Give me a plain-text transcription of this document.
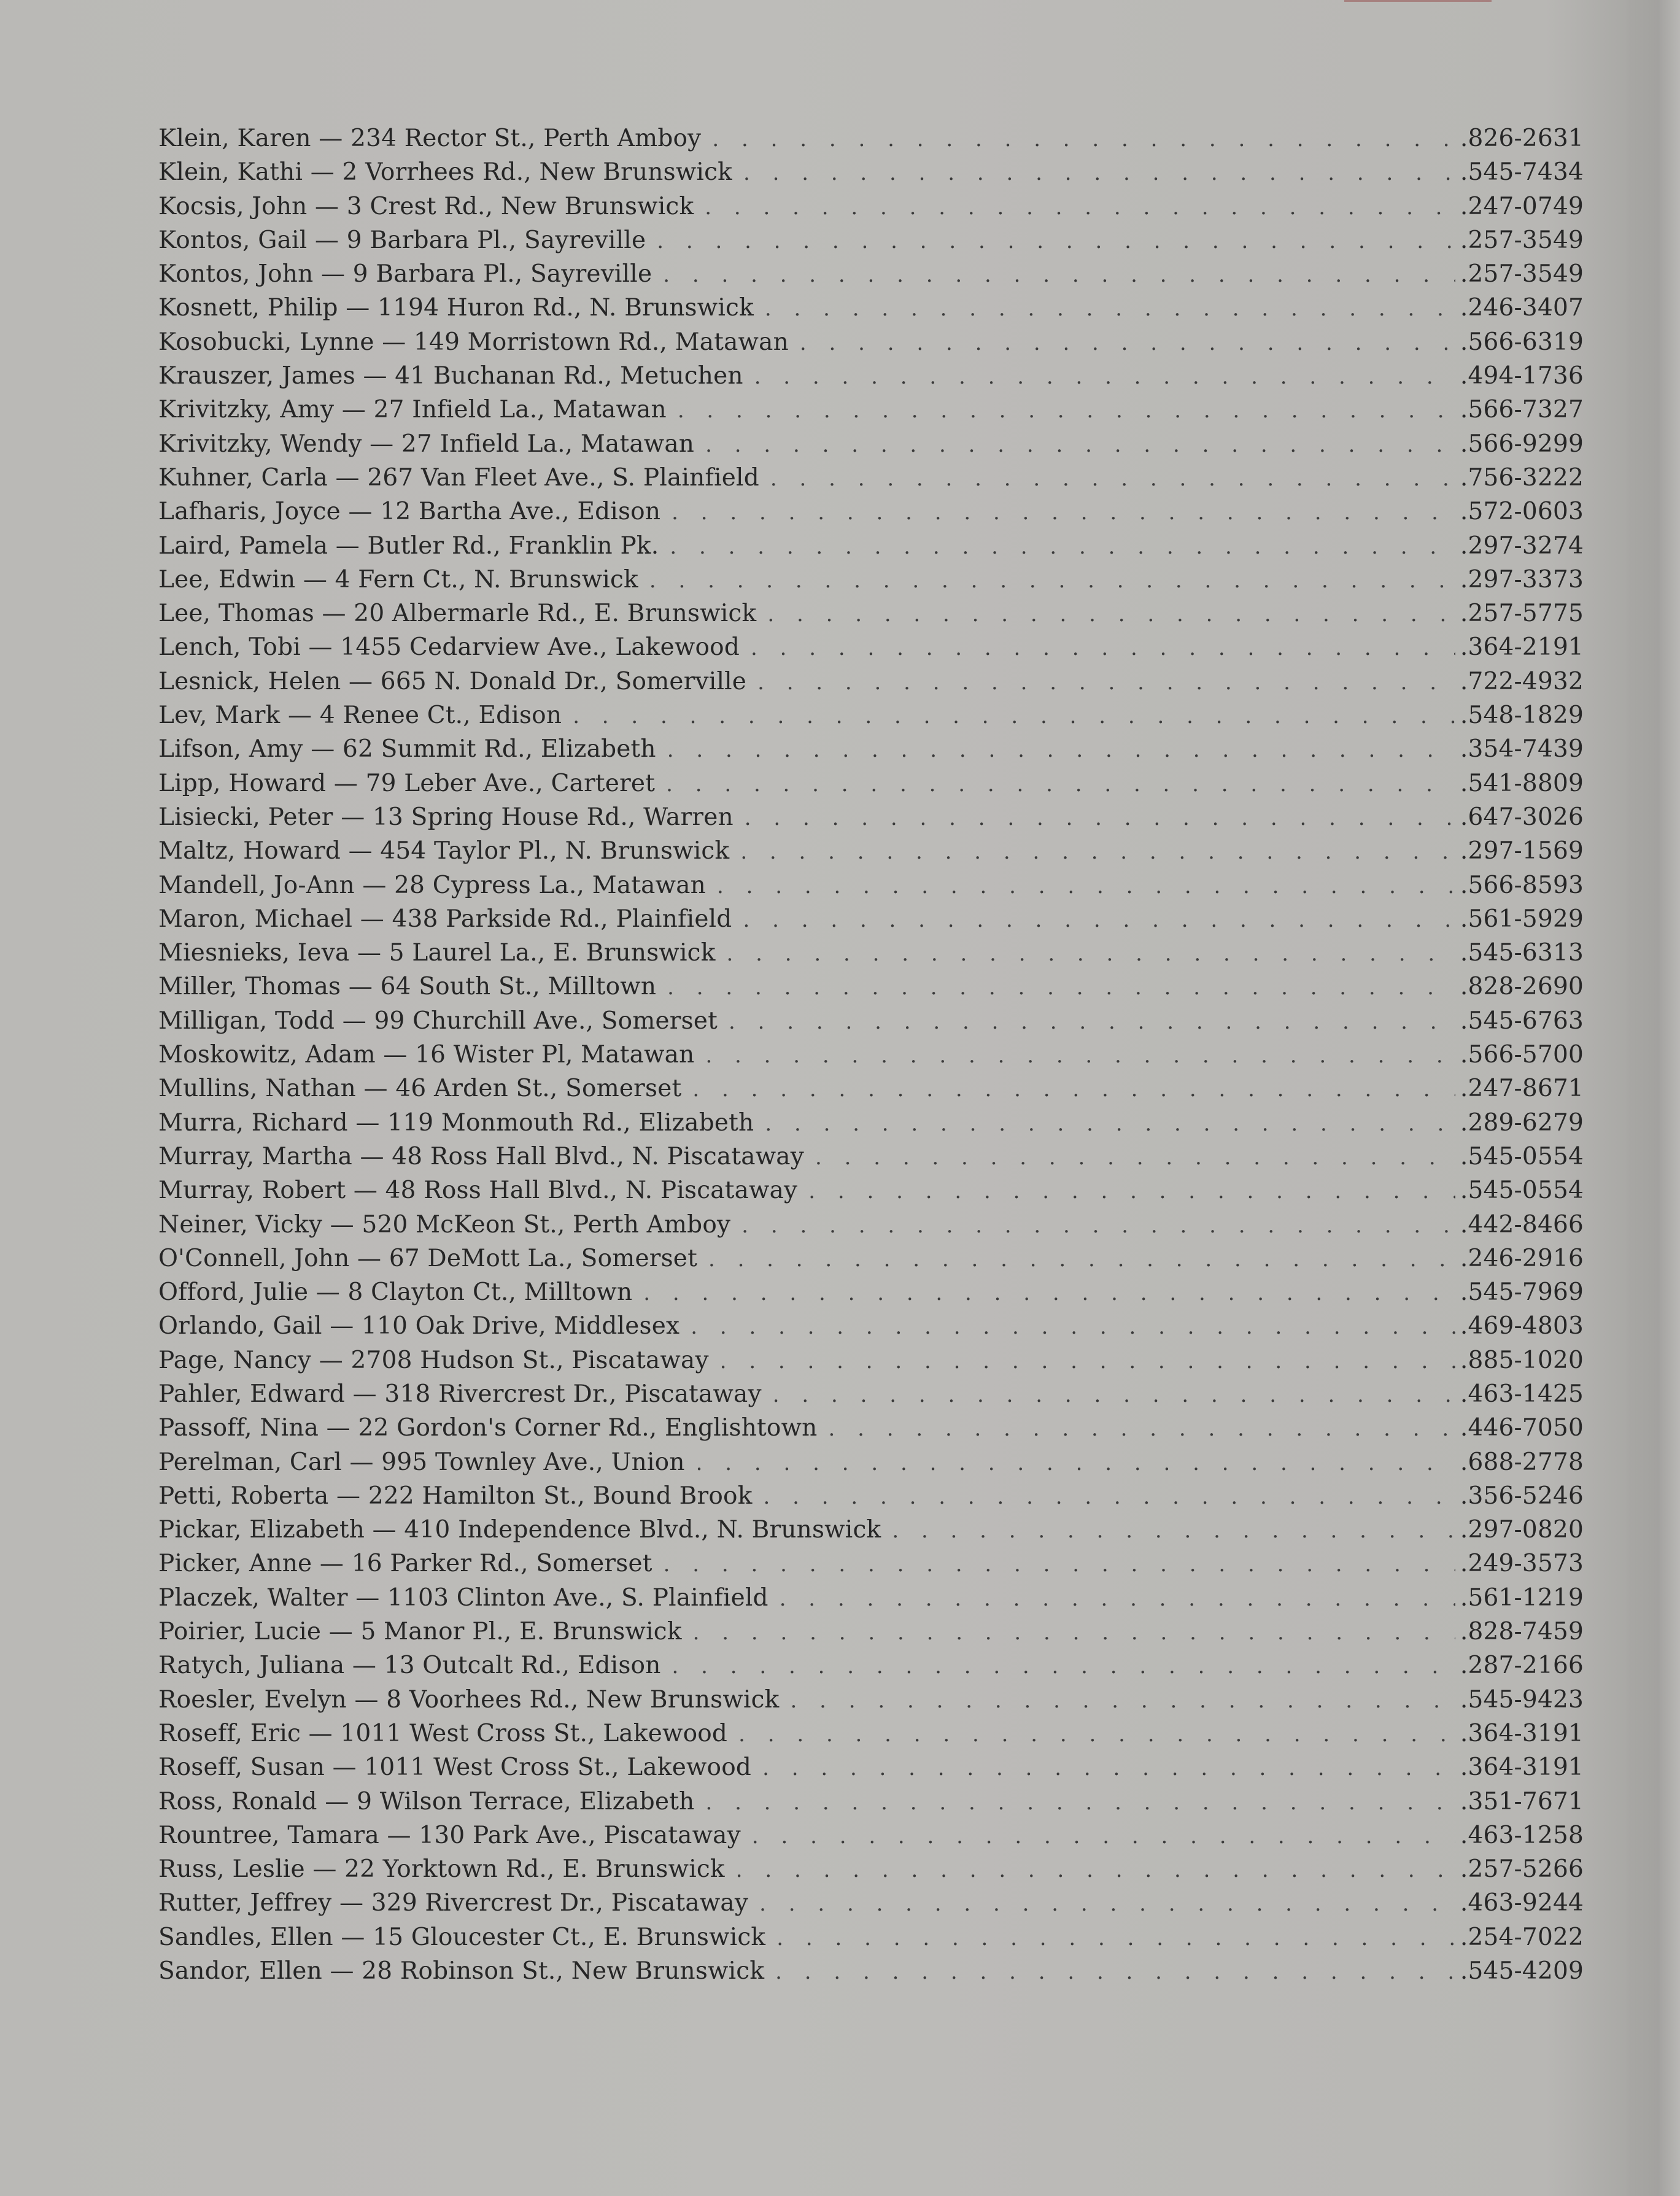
Klein, Karen — 234 Rector St., Perth Amboy . . .	.826-2631
Klein, Kathi — 2 Vorrhees Rd., New Brunswick . . .	.545-7434
Kocsis, John — 3 Crest Rd., New Brunswick . . .	.247-0749
Kontos, Gail — 9 Barbara Pl., Sayreville . . .	.257-3549
Kontos, John — 9 Barbara Pl., Sayreville . . .	.257-3549
Kosnett, Philip — 1194 Huron Rd., N. Brunswick . . .	.246-3407
Kosobucki, Lynne — 149 Morristown Rd., Matawan . . .	.566-6319
Krauszer, James — 41 Buchanan Rd., Metuchen . . .	.494-1736
Krivitzky, Amy — 27 Infield La., Matawan . . .	.566-7327
Krivitzky, Wendy — 27 Infield La., Matawan . . .	.566-9299
Kuhner, Carla — 267 Van Fleet Ave., S. Plainfield . . .	.756-3222
Lafharis, Joyce — 12 Bartha Ave., Edison . . .	.572-0603
Laird, Pamela — Butler Rd., Franklin Pk. . . .	.297-3274
Lee, Edwin — 4 Fern Ct., N. Brunswick . . .	.297-3373
Lee, Thomas — 20 Albermarle Rd., E. Brunswick . . .	.257-5775
Lench, Tobi — 1455 Cedarview Ave., Lakewood . . .	.364-2191
Lesnick, Helen — 665 N. Donald Dr., Somerville . . .	.722-4932
Lev, Mark — 4 Renee Ct., Edison . . .	.548-1829
Lifson, Amy — 62 Summit Rd., Elizabeth . . .	.354-7439
Lipp, Howard — 79 Leber Ave., Carteret . . .	.541-8809
Lisiecki, Peter — 13 Spring House Rd., Warren . . .	.647-3026
Maltz, Howard — 454 Taylor Pl., N. Brunswick . . .	.297-1569
Mandell, Jo-Ann — 28 Cypress La., Matawan . . .	.566-8593
Maron, Michael — 438 Parkside Rd., Plainfield . . .	.561-5929
Miesnieks, Ieva — 5 Laurel La., E. Brunswick . . .	.545-6313
Miller, Thomas — 64 South St., Milltown . . .	.828-2690
Milligan, Todd — 99 Churchill Ave., Somerset . . .	.545-6763
Moskowitz, Adam — 16 Wister Pl, Matawan . . .	.566-5700
Mullins, Nathan — 46 Arden St., Somerset . . .	.247-8671
Murra, Richard — 119 Monmouth Rd., Elizabeth . . .	.289-6279
Murray, Martha — 48 Ross Hall Blvd., N. Piscataway . . .	.545-0554
Murray, Robert — 48 Ross Hall Blvd., N. Piscataway . . .	.545-0554
Neiner, Vicky — 520 McKeon St., Perth Amboy . . .	.442-8466
O'Connell, John — 67 DeMott La., Somerset . . .	.246-2916
Offord, Julie — 8 Clayton Ct., Milltown . . .	.545-7969
Orlando, Gail — 110 Oak Drive, Middlesex . . .	.469-4803
Page, Nancy — 2708 Hudson St., Piscataway . . .	.885-1020
Pahler, Edward — 318 Rivercrest Dr., Piscataway . . .	.463-1425
Passoff, Nina — 22 Gordon's Corner Rd., Englishtown . . .	.446-7050
Perelman, Carl — 995 Townley Ave., Union . . .	.688-2778
Petti, Roberta — 222 Hamilton St., Bound Brook . . .	.356-5246
Pickar, Elizabeth — 410 Independence Blvd., N. Brunswick . . .	.297-0820
Picker, Anne — 16 Parker Rd., Somerset . . .	.249-3573
Placzek, Walter — 1103 Clinton Ave., S. Plainfield . . .	.561-1219
Poirier, Lucie — 5 Manor Pl., E. Brunswick . . .	.828-7459
Ratych, Juliana — 13 Outcalt Rd., Edison . . .	.287-2166
Roesler, Evelyn — 8 Voorhees Rd., New Brunswick . . .	.545-9423
Roseff, Eric — 1011 West Cross St., Lakewood . . .	.364-3191
Roseff, Susan — 1011 West Cross St., Lakewood . . .	.364-3191
Ross, Ronald — 9 Wilson Terrace, Elizabeth . . .	.351-7671
Rountree, Tamara — 130 Park Ave., Piscataway . . .	.463-1258
Russ, Leslie — 22 Yorktown Rd., E. Brunswick . . .	.257-5266
Rutter, Jeffrey — 329 Rivercrest Dr., Piscataway . . .	.463-9244
Sandles, Ellen — 15 Gloucester Ct., E. Brunswick . . .	.254-7022
Sandor, Ellen — 28 Robinson St., New Brunswick . . .	.545-4209
